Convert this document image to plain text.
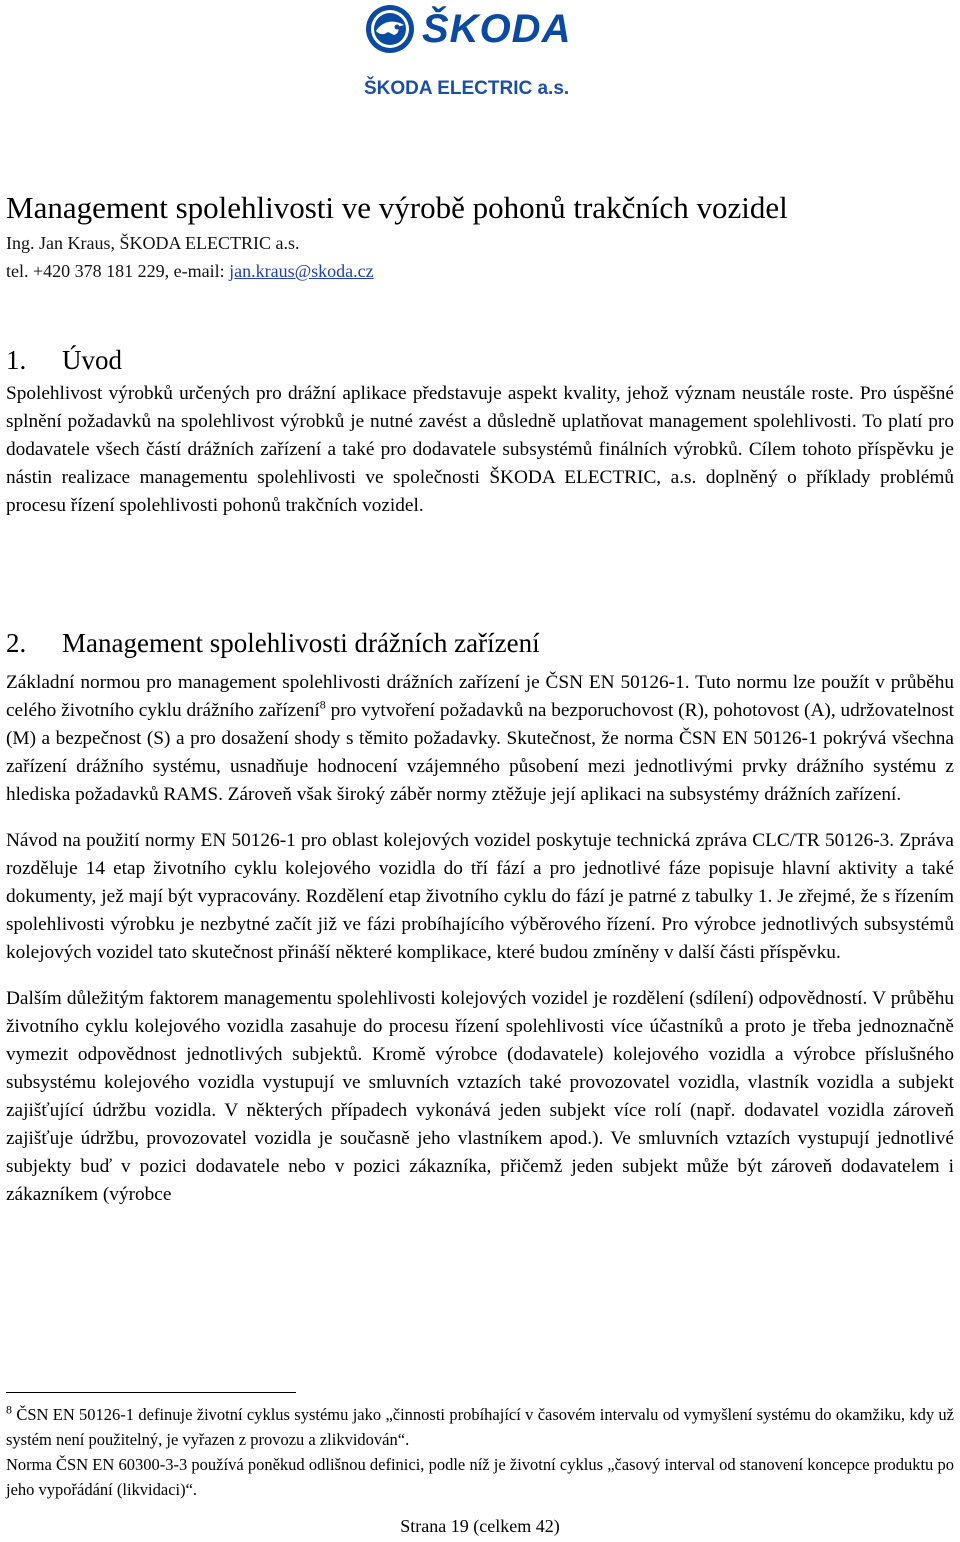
ŠKODA
ŠKODA ELECTRIC a.s.
Management spolehlivosti ve výrobě pohonů trakčních vozidel
Ing. Jan Kraus, ŠKODA ELECTRIC a.s.
tel. +420 378 181 229, e-mail: jan.kraus@skoda.cz
1. Úvod

Spolehlivost výrobků určených pro drážní aplikace představuje aspekt kvality, jehož význam neustále roste. Pro úspěšné splnění požadavků na spolehlivost výrobků je nutné zavést a důsledně uplatňovat management spolehlivosti. To platí pro dodavatele všech částí drážních zařízení a také pro dodavatele subsystémů finálních výrobků. Cílem tohoto příspěvku je nástin realizace managementu spolehlivosti ve společnosti ŠKODA ELECTRIC, a.s. doplněný o příklady problémů procesu řízení spolehlivosti pohonů trakčních vozidel.

2. Management spolehlivosti drážních zařízení

Základní normou pro management spolehlivosti drážních zařízení je ČSN EN 50126-1. Tuto normu lze použít v průběhu celého životního cyklu drážního zařízení$^8$ pro vytvoření požadavků na bezporuchovost (R), pohotovost (A), udržovatelnost (M) a bezpečnost (S) a pro dosažení shody s těmito požadavky. Skutečnost, že norma ČSN EN 50126-1 pokrývá všechna zařízení drážního systému, usnadňuje hodnocení vzájemného působení mezi jednotlivými prvky drážního systému z hlediska požadavků RAMS. Zároveň však široký záběr normy ztěžuje její aplikaci na subsystémy drážních zařízení.

Návod na použití normy EN 50126-1 pro oblast kolejových vozidel poskytuje technická zpráva CLC/TR 50126-3. Zpráva rozděluje 14 etap životního cyklu kolejového vozidla do tří fází a pro jednotlivé fáze popisuje hlavní aktivity a také dokumenty, jež mají být vypracovány. Rozdělení etap životního cyklu do fází je patrné z tabulky 1. Je zřejmé, že s řízením spolehlivosti výrobku je nezbytné začít již ve fázi probíhajícího výběrového řízení. Pro výrobce jednotlivých subsystémů kolejových vozidel tato skutečnost přináší některé komplikace, které budou zmíněny v další části příspěvku.

Dalším důležitým faktorem managementu spolehlivosti kolejových vozidel je rozdělení (sdílení) odpovědností. V průběhu životního cyklu kolejového vozidla zasahuje do procesu řízení spolehlivosti více účastníků a proto je třeba jednoznačně vymezit odpovědnost jednotlivých subjektů. Kromě výrobce (dodavatele) kolejového vozidla a výrobce příslušného subsystému kolejového vozidla vystupují ve smluvních vztazích také provozovatel vozidla, vlastník vozidla a subjekt zajišťující údržbu vozidla. V některých případech vykonává jeden subjekt více rolí (např. dodavatel vozidla zároveň zajišťuje údržbu, provozovatel vozidla je současně jeho vlastníkem apod.). Ve smluvních vztazích vystupují jednotlivé subjekty buď v pozici dodavatele nebo v pozici zákazníka, přičemž jeden subjekt může být zároveň dodavatelem i zákazníkem (výrobce

$^8$ ČSN EN 50126-1 definuje životní cyklus systému jako „činnosti probíhající v časovém intervalu od vymyšlení systému do okamžiku, kdy už systém není použitelný, je vyřazen z provozu a zlikvidován“.

Norma ČSN EN 60300-3-3 používá poněkud odlišnou definici, podle níž je životní cyklus „časový interval od stanovení koncepce produktu po jeho vypořádání (likvidaci)“.

Strana 19 (celkem 42)
